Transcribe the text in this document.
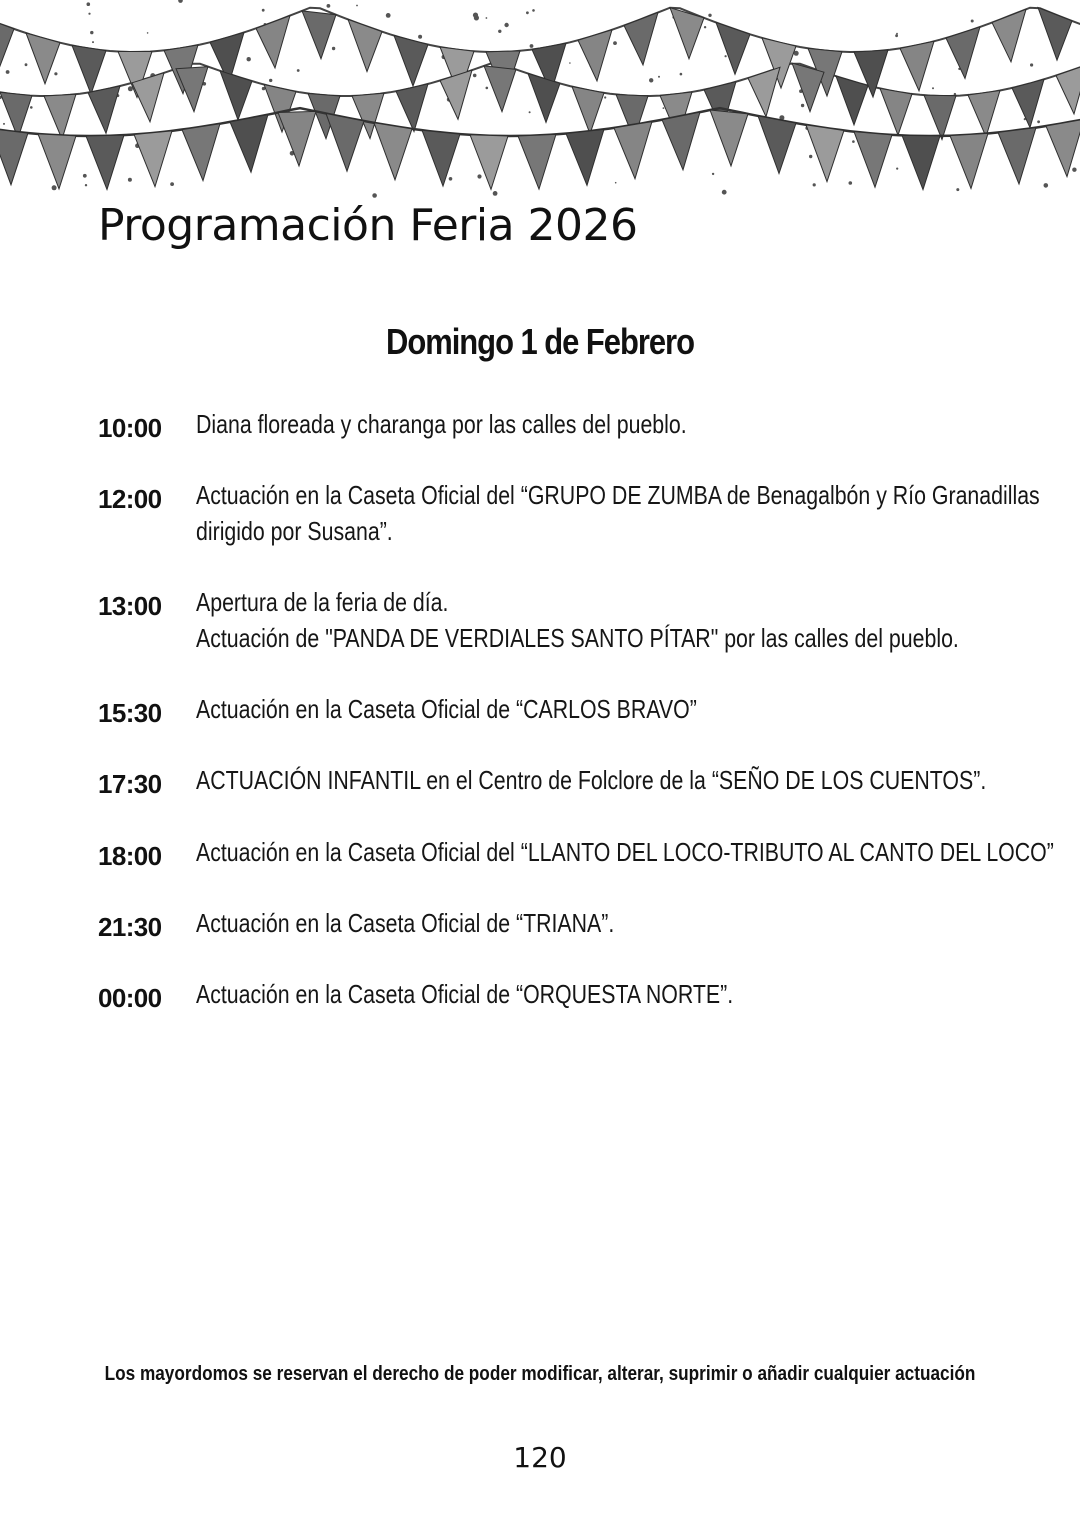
Programación Feria 2026
Domingo 1 de Febrero
10:00 Diana floreada y charanga por las calles del pueblo.
12:00 Actuación en la Caseta Oficial del “GRUPO DE ZUMBA de Benagalbón y Río Granadillas
dirigido por Susana”.
13:00 Apertura de la feria de día.
Actuación de "PANDA DE VERDIALES SANTO PÍTAR" por las calles del pueblo.
15:30 Actuación en la Caseta Oficial de “CARLOS BRAVO”
17:30 ACTUACIÓN INFANTIL en el Centro de Folclore de la “SEÑO DE LOS CUENTOS”.
18:00 Actuación en la Caseta Oficial del “LLANTO DEL LOCO-TRIBUTO AL CANTO DEL LOCO”
21:30 Actuación en la Caseta Oficial de “TRIANA”.
00:00 Actuación en la Caseta Oficial de “ORQUESTA NORTE”.

Los mayordomos se reservan el derecho de poder modificar, alterar, suprimir o añadir cualquier actuación

120
